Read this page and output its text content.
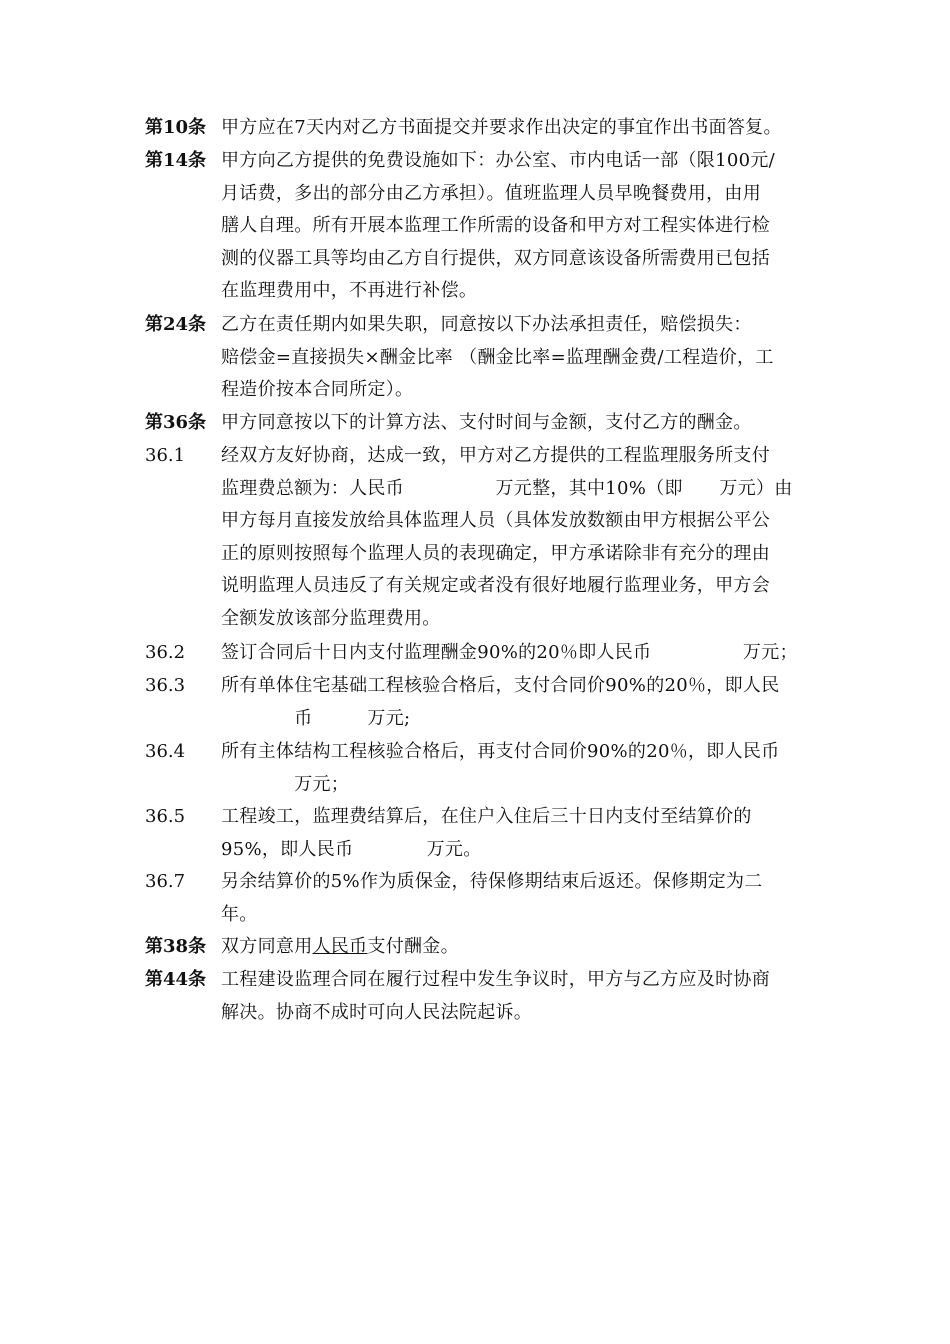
第10条 甲方应在7天内对乙方书面提交并要求作出决定的事宜作出书面答复。
第14条 甲方向乙方提供的免费设施如下：办公室、市内电话一部（限100元/
月话费，多出的部分由乙方承担）。值班监理人员早晚餐费用，由用
膳人自理。所有开展本监理工作所需的设备和甲方对工程实体进行检
测的仪器工具等均由乙方自行提供，双方同意该设备所需费用已包括
在监理费用中，不再进行补偿。
第24条 乙方在责任期内如果失职，同意按以下办法承担责任，赔偿损失：
赔偿金=直接损失×酬金比率 （酬金比率=监理酬金费/工程造价，工
程造价按本合同所定）。
第36条 甲方同意按以下的计算方法、支付时间与金额，支付乙方的酬金。
36.1	经双方友好协商，达成一致，甲方对乙方提供的工程监理服务所支付
监理费总额为：人民币　　　　　万元整，其中10%（即　　万元）由
甲方每月直接发放给具体监理人员（具体发放数额由甲方根据公平公
正的原则按照每个监理人员的表现确定，甲方承诺除非有充分的理由
说明监理人员违反了有关规定或者没有很好地履行监理业务，甲方会
全额发放该部分监理费用。
36.2	签订合同后十日内支付监理酬金90%的20％即人民币　　　　　万元；
36.3	所有单体住宅基础工程核验合格后，支付合同价90%的20％，即人民
　　　　币　　　万元;
36.4	所有主体结构工程核验合格后，再支付合同价90%的20％，即人民币
　　　　万元；
36.5	工程竣工，监理费结算后，在住户入住后三十日内支付至结算价的
95%，即人民币　　　　万元。
36.7	另余结算价的5%作为质保金，待保修期结束后返还。保修期定为二
年。
第38条 双方同意用人民币支付酬金。
第44条 工程建设监理合同在履行过程中发生争议时，甲方与乙方应及时协商
解决。协商不成时可向人民法院起诉。
